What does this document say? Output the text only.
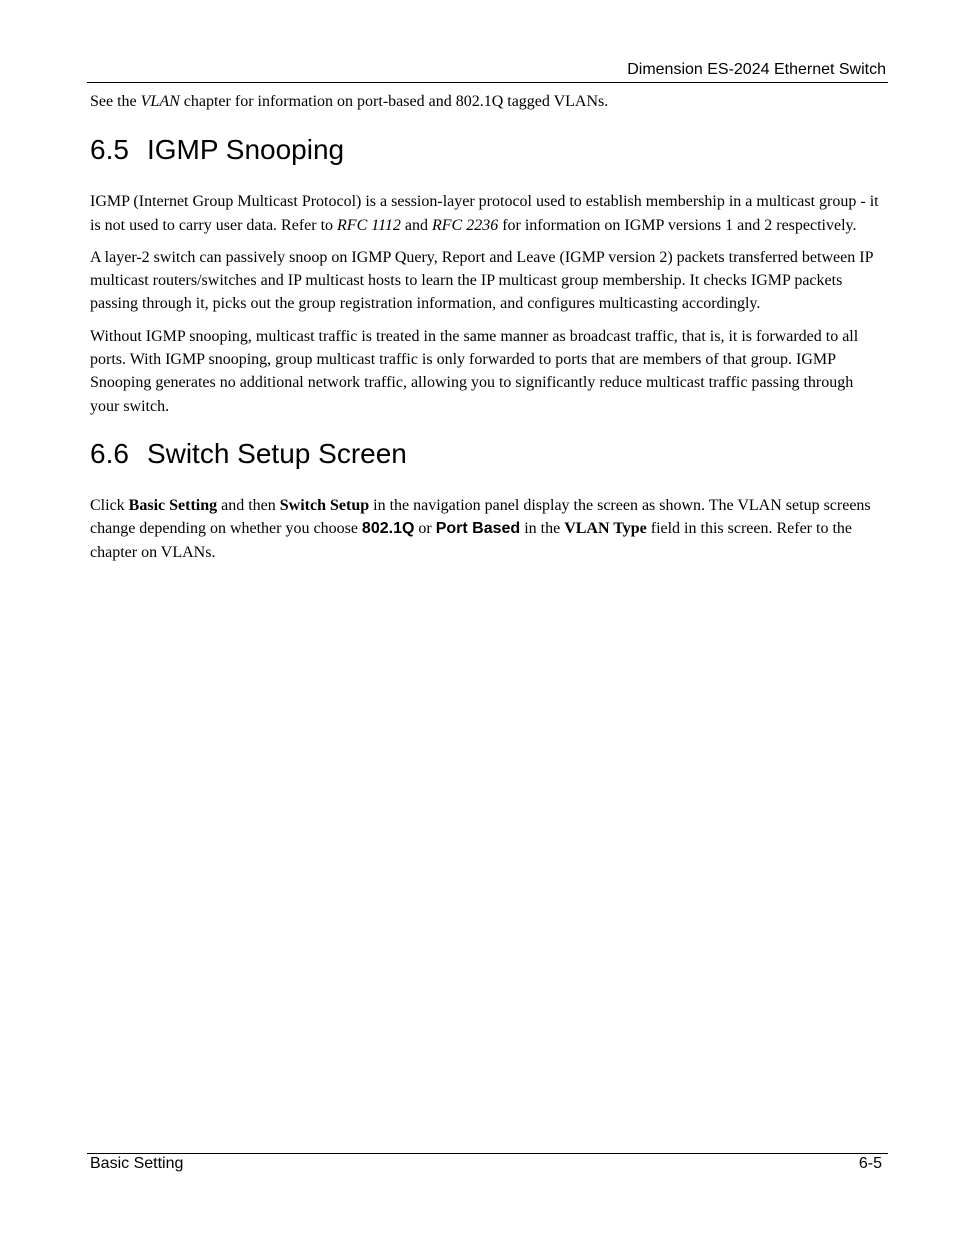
Dimension ES-2024 Ethernet Switch

See the VLAN chapter for information on port-based and 802.1Q tagged VLANs.

6.5 IGMP Snooping

IGMP (Internet Group Multicast Protocol) is a session-layer protocol used to establish membership in a multicast group - it is not used to carry user data. Refer to RFC 1112 and RFC 2236 for information on IGMP versions 1 and 2 respectively.

A layer-2 switch can passively snoop on IGMP Query, Report and Leave (IGMP version 2) packets transferred between IP multicast routers/switches and IP multicast hosts to learn the IP multicast group membership. It checks IGMP packets passing through it, picks out the group registration information, and configures multicasting accordingly.

Without IGMP snooping, multicast traffic is treated in the same manner as broadcast traffic, that is, it is forwarded to all ports. With IGMP snooping, group multicast traffic is only forwarded to ports that are members of that group. IGMP Snooping generates no additional network traffic, allowing you to significantly reduce multicast traffic passing through your switch.

6.6 Switch Setup Screen

Click Basic Setting and then Switch Setup in the navigation panel display the screen as shown. The VLAN setup screens change depending on whether you choose 802.1Q or Port Based in the VLAN Type field in this screen. Refer to the chapter on VLANs.

Basic Setting	6-5
